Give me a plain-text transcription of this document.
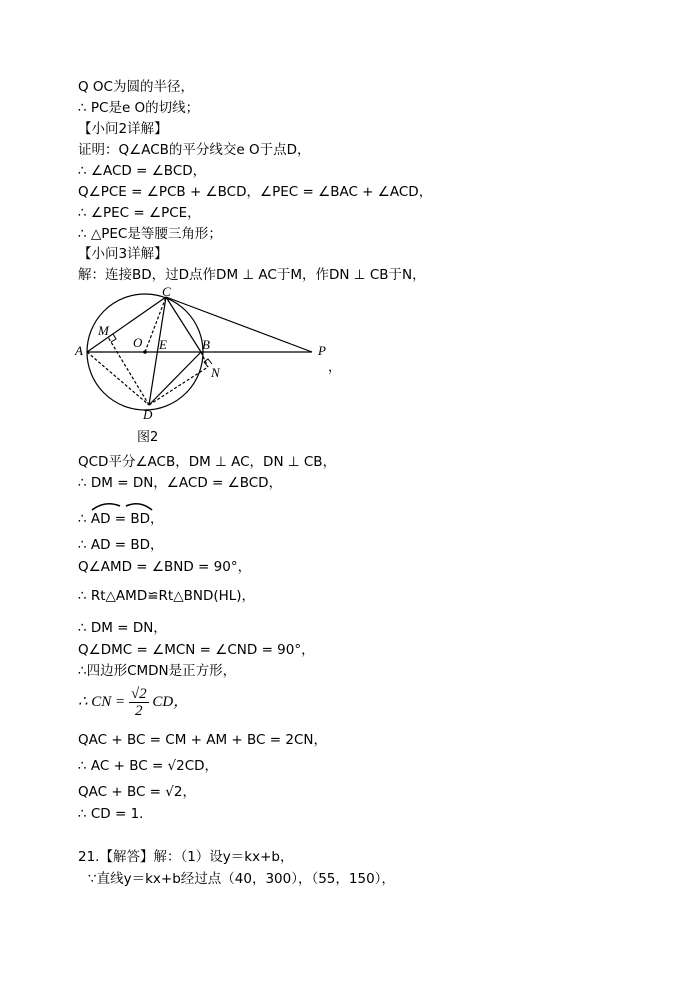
Q OC为圆的半径，
∴ PC是e O的切线；
【小问2详解】
证明：Q∠ACB的平分线交e O于点D，
∴ ∠ACD = ∠BCD，
Q∠PCE = ∠PCB + ∠BCD，∠PEC = ∠BAC + ∠ACD，
∴ ∠PEC = ∠PCE，
∴ △PEC是等腰三角形；
【小问3详解】
解：连接BD，过D点作DM ⊥ AC于M，作DN ⊥ CB于N，
QCD平分∠ACB，DM ⊥ AC，DN ⊥ CB，
∴ DM = DN，∠ACD = ∠BCD，
∴ AD = BD，
∴ AD = BD，
Q∠AMD = ∠BND = 90°，
∴ Rt△AMD≌Rt△BND(HL)，
∴ DM = DN，
Q∠DMC = ∠MCN = ∠CND = 90°，
∴四边形CMDN是正方形，
QAC + BC = CM + AM + BC = 2CN，
∴ AC + BC = √2CD，
QAC + BC = √2，
∴ CD = 1．
21.【解答】解：（1）设y＝kx+b，
∵直线y＝kx+b经过点（40，300），（55，150），
∴ CN = $\frac{√2}{2}$ CD，
A	B
C
D
E
O
M
N
P
，
图2
